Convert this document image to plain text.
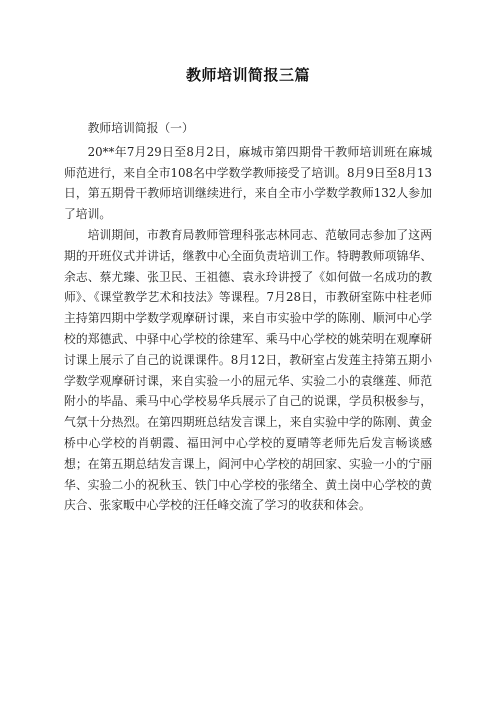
教师培训简报三篇

教师培训简报（一）

20**年7月29日至8月2日，麻城市第四期骨干教师培训班在麻城师范进行，来自全市108名中学数学教师接受了培训。8月9日至8月13日，第五期骨干教师培训继续进行，来自全市小学数学教师132人参加了培训。

培训期间，市教育局教师管理科张志林同志、范敏同志参加了这两期的开班仪式并讲话，继教中心全面负责培训工作。特聘教师项锦华、余志、蔡尤臻、张卫民、王祖德、袁永玲讲授了《如何做一名成功的教师》、《课堂教学艺术和技法》等课程。7月28日，市教研室陈中柱老师主持第四期中学数学观摩研讨课，来自市实验中学的陈刚、顺河中心学校的郑德武、中驿中心学校的徐建军、乘马中心学校的姚荣明在观摩研讨课上展示了自己的说课课件。8月12日，教研室占发莲主持第五期小学数学观摩研讨课，来自实验一小的屈元华、实验二小的袁继莲、师范附小的毕晶、乘马中心学校易华兵展示了自己的说课，学员积极参与，气氛十分热烈。在第四期班总结发言课上，来自实验中学的陈刚、黄金桥中心学校的肖朝霞、福田河中心学校的夏晴等老师先后发言畅谈感想；在第五期总结发言课上，阎河中心学校的胡回家、实验一小的宁丽华、实验二小的祝秋玉、铁门中心学校的张绪全、黄土岗中心学校的黄庆合、张家畈中心学校的汪任峰交流了学习的收获和体会。
